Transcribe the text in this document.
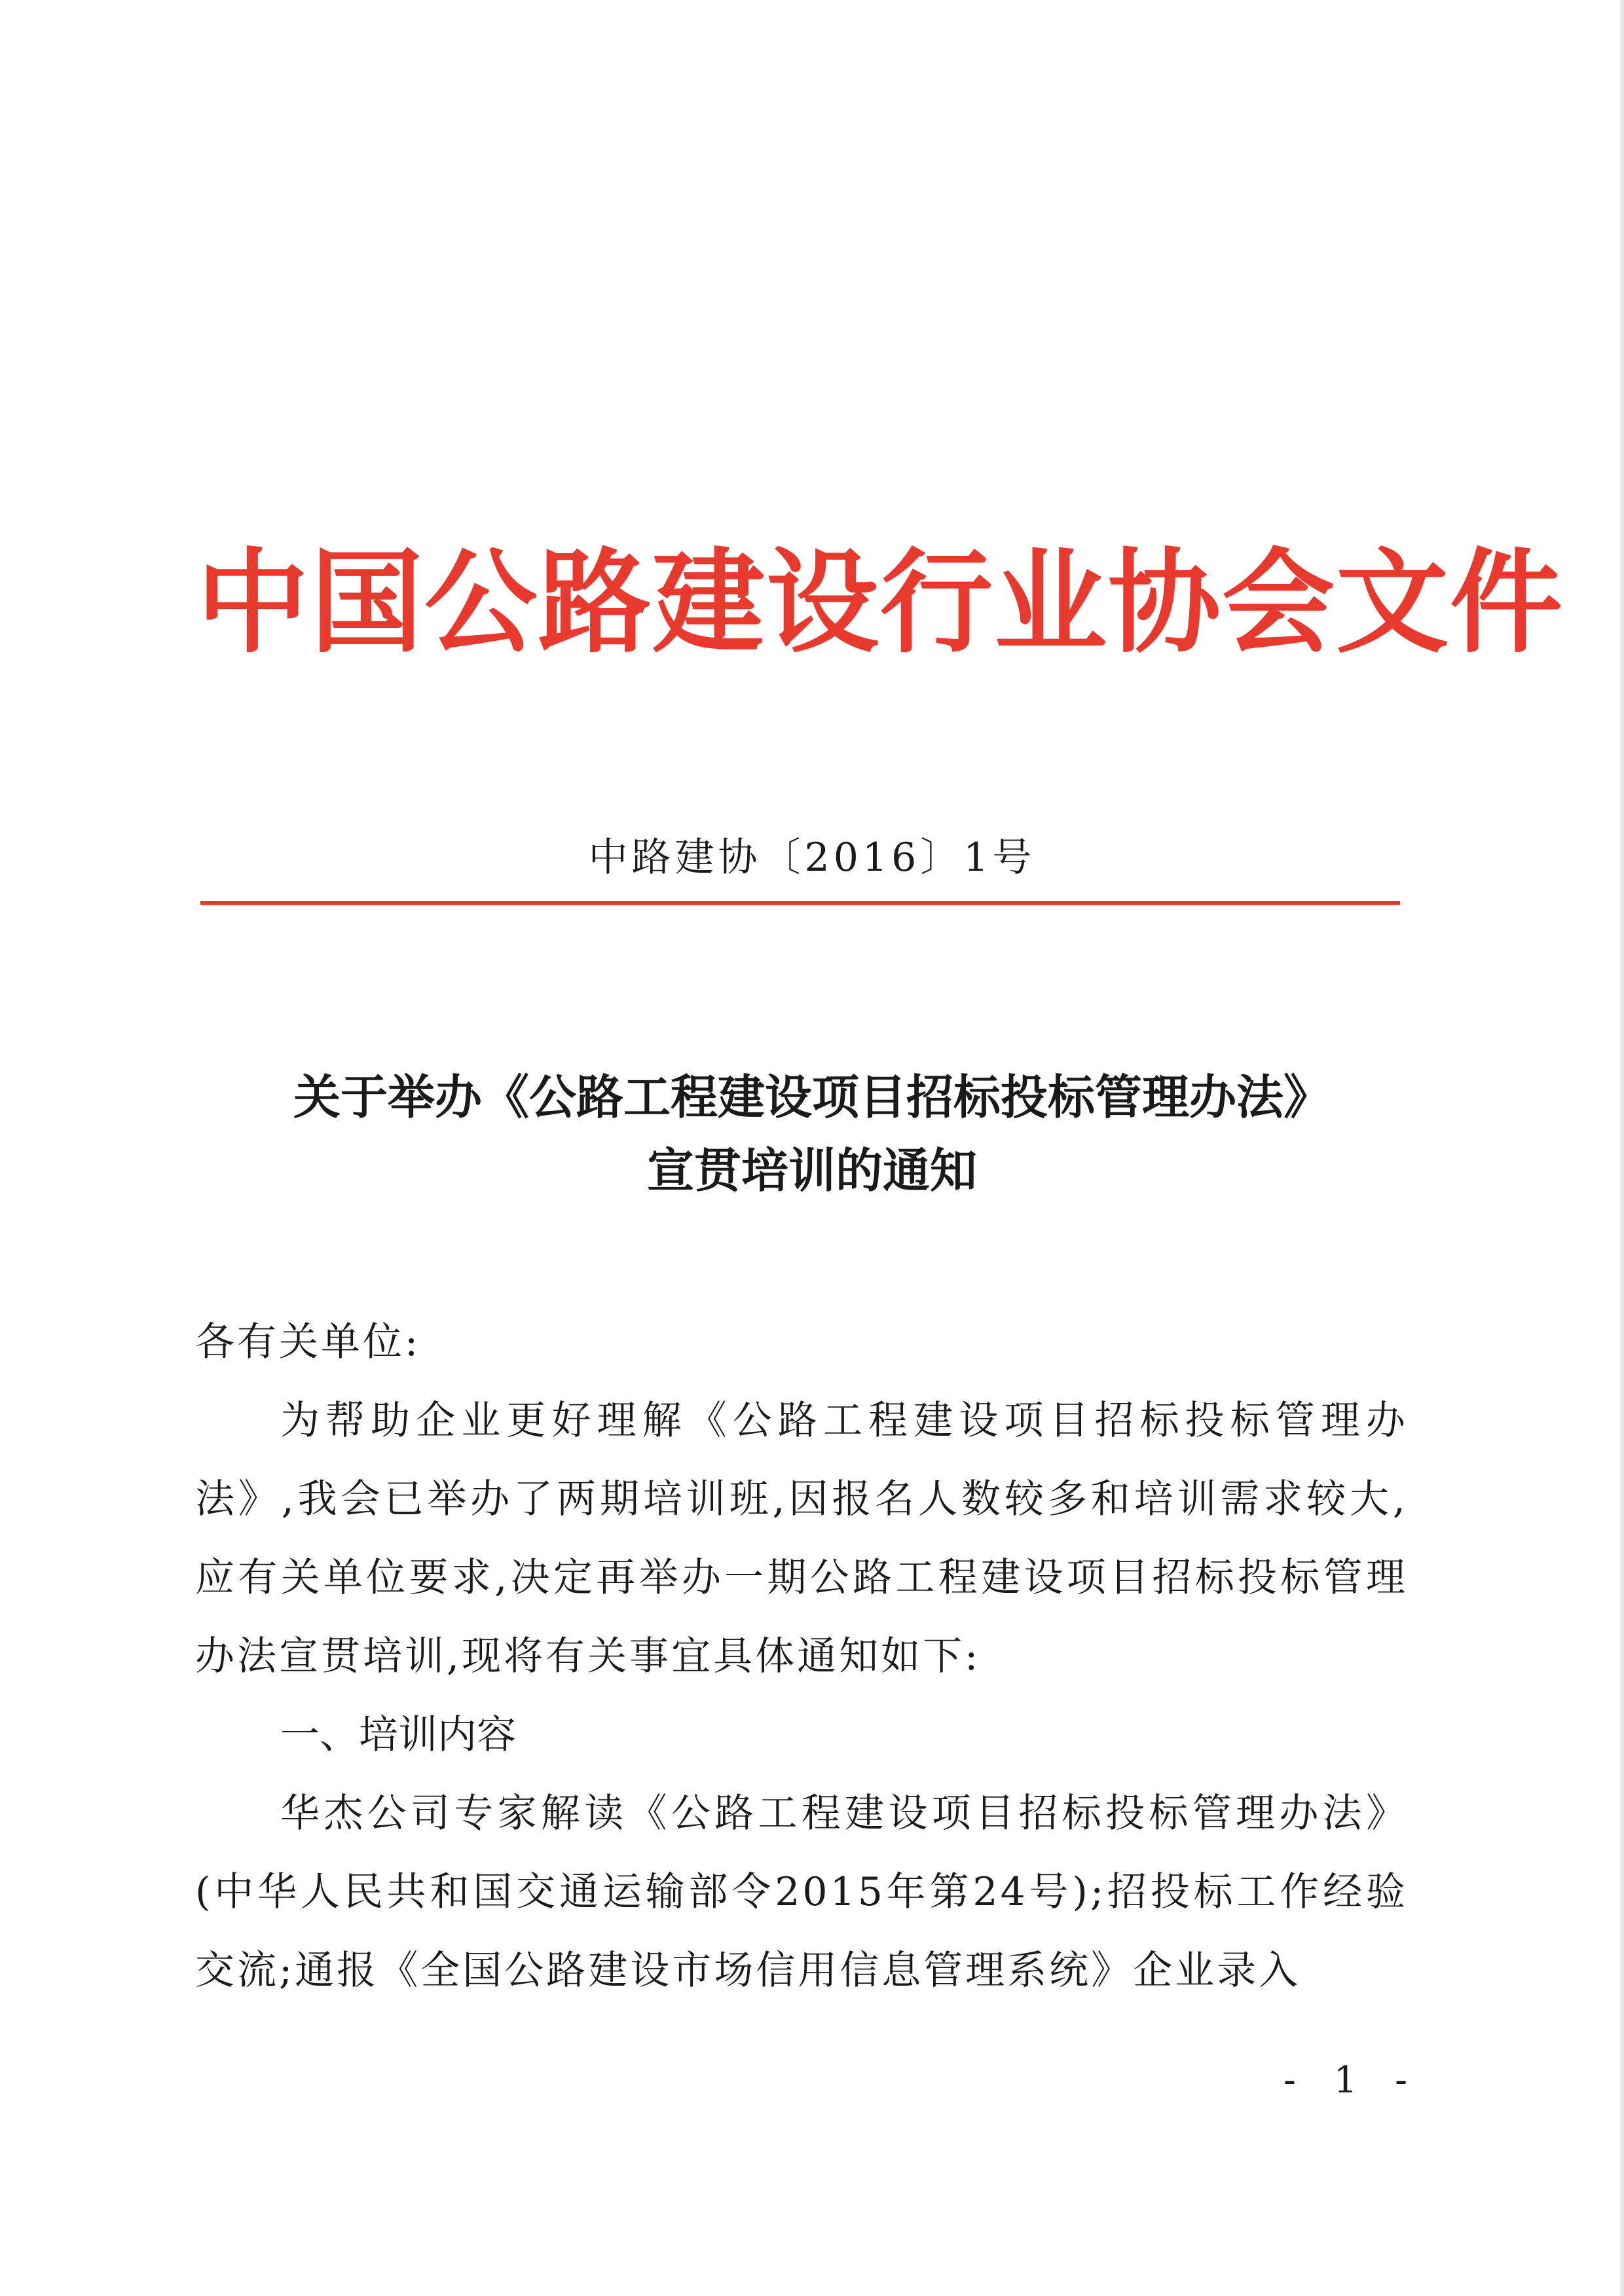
中国公路建设行业协会文件
中路建协〔2016〕1号
关于举办《公路工程建设项目招标投标管理办法》
宣贯培训的通知
各有关单位:

为帮助企业更好理解《公路工程建设项目招标投标管理办法》,我会已举办了两期培训班,因报名人数较多和培训需求较大,应有关单位要求,决定再举办一期公路工程建设项目招标投标管理办法宣贯培训,现将有关事宜具体通知如下:

一、培训内容

华杰公司专家解读《公路工程建设项目招标投标管理办法》(中华人民共和国交通运输部令2015年第24号);招投标工作经验交流;通报《全国公路建设市场信用信息管理系统》企业录入

- 1 -
